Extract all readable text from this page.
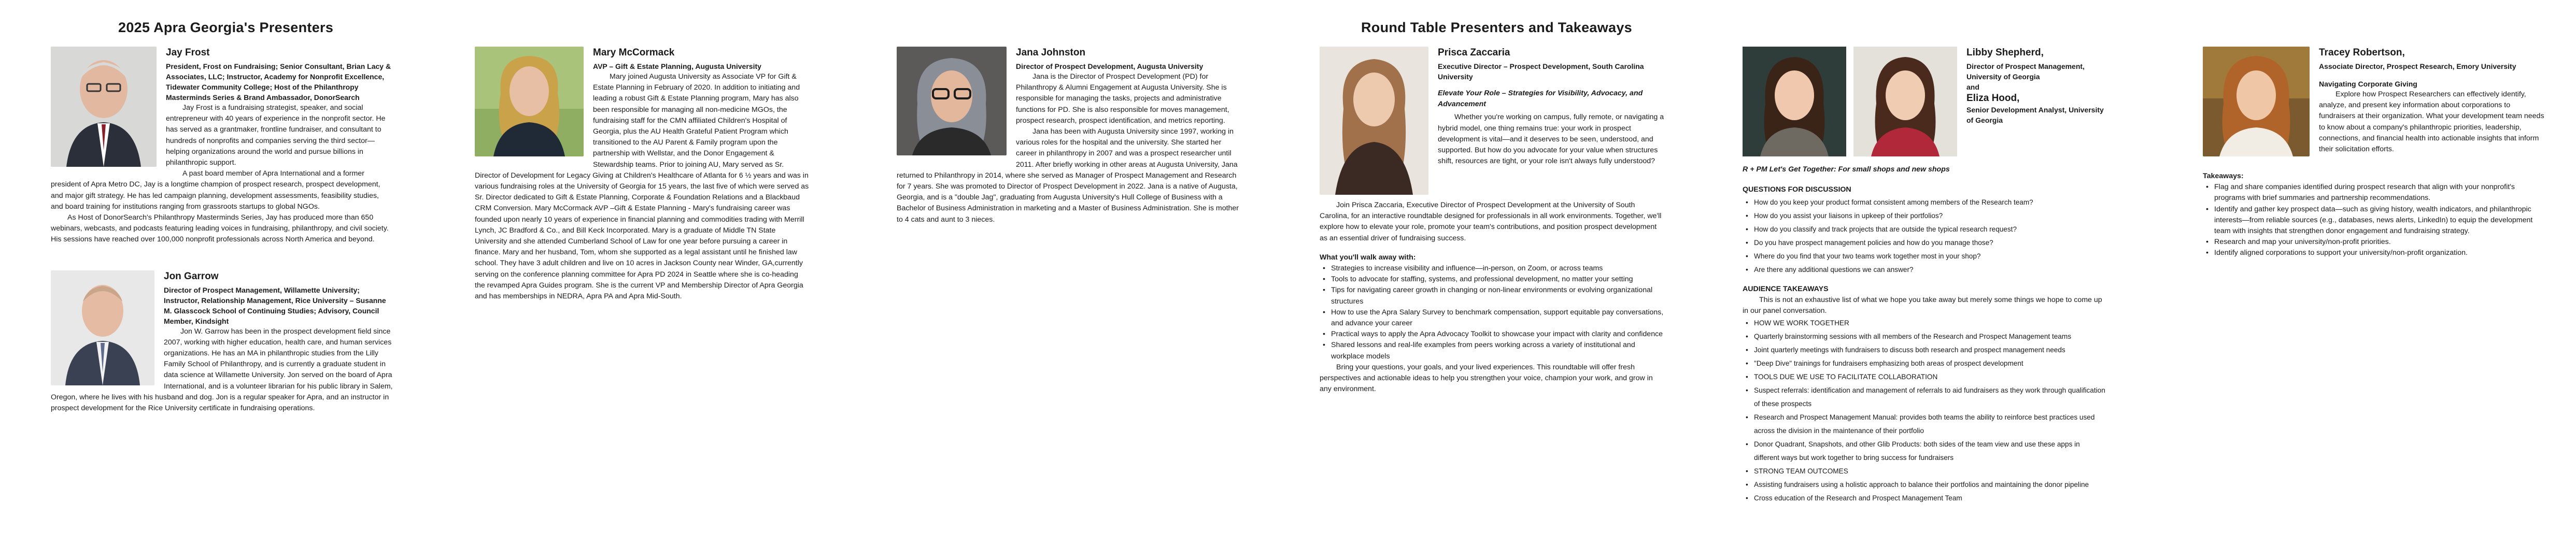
2025 Apra Georgia's Presenters	Round Table Presenters and Takeaways
Jay Frost
President, Frost on Fundraising; Senior Consultant, Brian Lacy & Associates, LLC; Instructor, Academy for Nonprofit Excellence, Tidewater Community College; Host of the Philanthropy Masterminds Series & Brand Ambassador, DonorSearch

Jay Frost is a fundraising strategist, speaker, and social entrepreneur with 40 years of experience in the nonprofit sector. He has served as a grantmaker, frontline fundraiser, and consultant to hundreds of nonprofits and companies serving the third sector—helping organizations around the world and pursue billions in philanthropic support.

A past board member of Apra International and a former president of Apra Metro DC, Jay is a longtime champion of prospect research, prospect development, and major gift strategy. He has led campaign planning, development assessments, feasibility studies, and board training for institutions ranging from grassroots startups to global NGOs.

As Host of DonorSearch's Philanthropy Masterminds Series, Jay has produced more than 650 webinars, webcasts, and podcasts featuring leading voices in fundraising, philanthropy, and civil society. His sessions have reached over 100,000 nonprofit professionals across North America and beyond.

Jon Garrow
Director of Prospect Management, Willamette University; Instructor, Relationship Management, Rice University – Susanne M. Glasscock School of Continuing Studies; Advisory, Council Member, Kindsight

Jon W. Garrow has been in the prospect development field since 2007, working with higher education, health care, and human services organizations. He has an MA in philanthropic studies from the Lilly Family School of Philanthropy, and is currently a graduate student in data science at Willamette University. Jon served on the board of Apra International, and is a volunteer librarian for his public library in Salem, Oregon, where he lives with his husband and dog. Jon is a regular speaker for Apra, and an instructor in prospect development for the Rice University certificate in fundraising operations.

Mary McCormack
AVP – Gift & Estate Planning, Augusta University

Mary joined Augusta University as Associate VP for Gift & Estate Planning in February of 2020. In addition to initiating and leading a robust Gift & Estate Planning program, Mary has also been responsible for managing all non-medicine MGOs, the fundraising staff for the CMN affiliated Children's Hospital of Georgia, plus the AU Health Grateful Patient Program which transitioned to the AU Parent & Family program upon the partnership with Wellstar, and the Donor Engagement & Stewardship teams. Prior to joining AU, Mary served as Sr. Director of Development for Legacy Giving at Children's Healthcare of Atlanta for 6 ½ years and was in various fundraising roles at the University of Georgia for 15 years, the last five of which were served as Sr. Director dedicated to Gift & Estate Planning, Corporate & Foundation Relations and a Blackbaud CRM Conversion. Mary McCormack AVP –Gift & Estate Planning - Mary's fundraising career was founded upon nearly 10 years of experience in financial planning and commodities trading with Merrill Lynch, JC Bradford & Co., and Bill Keck Incorporated. Mary is a graduate of Middle TN State University and she attended Cumberland School of Law for one year before pursuing a career in finance. Mary and her husband, Tom, whom she supported as a legal assistant until he finished law school. They have 3 adult children and live on 10 acres in Jackson County near Winder, GA,currently serving on the conference planning committee for Apra PD 2024 in Seattle where she is co-heading the revamped Apra Guides program. She is the current VP and Membership Director of Apra Georgia and has memberships in NEDRA, Apra PA and Apra Mid-South.

Jana Johnston
Director of Prospect Development, Augusta University

Jana is the Director of Prospect Development (PD) for Philanthropy & Alumni Engagement at Augusta University. She is responsible for managing the tasks, projects and administrative functions for PD. She is also responsible for moves management, prospect research, prospect identification, and metrics reporting.

Jana has been with Augusta University since 1997, working in various roles for the hospital and the university. She started her career in philanthropy in 2007 and was a prospect researcher until 2011. After briefly working in other areas at Augusta University, Jana returned to Philanthropy in 2014, where she served as Manager of Prospect Management and Research for 7 years. She was promoted to Director of Prospect Development in 2022. Jana is a native of Augusta, Georgia, and is a "double Jag", graduating from Augusta University's Hull College of Business with a Bachelor of Business Administration in marketing and a Master of Business Administration. She is mother to 4 cats and aunt to 3 nieces.

Prisca Zaccaria
Executive Director – Prospect Development, South Carolina University
Elevate Your Role – Strategies for Visibility, Advocacy, and Advancement

Whether you're working on campus, fully remote, or navigating a hybrid model, one thing remains true: your work in prospect development is vital—and it deserves to be seen, understood, and supported. But how do you advocate for your value when structures shift, resources are tight, or your role isn't always fully understood?

Join Prisca Zaccaria, Executive Director of Prospect Development at the University of South Carolina, for an interactive roundtable designed for professionals in all work environments. Together, we'll explore how to elevate your role, promote your team's contributions, and position prospect development as an essential driver of fundraising success.

What you'll walk away with:
• Strategies to increase visibility and influence—in-person, on Zoom, or across teams
• Tools to advocate for staffing, systems, and professional development, no matter your setting
• Tips for navigating career growth in changing or non-linear environments or evolving organizational structures
• How to use the Apra Salary Survey to benchmark compensation, support equitable pay conversations, and advance your career
• Practical ways to apply the Apra Advocacy Toolkit to showcase your impact with clarity and confidence
• Shared lessons and real-life examples from peers working across a variety of institutional and workplace models

Bring your questions, your goals, and your lived experiences. This roundtable will offer fresh perspectives and actionable ideas to help you strengthen your voice, champion your work, and grow in any environment.

Libby Shepherd,
Director of Prospect Management, University of Georgia
and
Eliza Hood,
Senior Development Analyst, University of Georgia
R + PM Let's Get Together: For small shops and new shops
QUESTIONS FOR DISCUSSION
• How do you keep your product format consistent among members of the Research team?
• How do you assist your liaisons in upkeep of their portfolios?
• How do you classify and track projects that are outside the typical research request?
• Do you have prospect management policies and how do you manage those?
• Where do you find that your two teams work together most in your shop?
• Are there any additional questions we can answer?
AUDIENCE TAKEAWAYS

This is not an exhaustive list of what we hope you take away but merely some things we hope to come up in our panel conversation.

• HOW WE WORK TOGETHER
• Quarterly brainstorming sessions with all members of the Research and Prospect Management teams
• Joint quarterly meetings with fundraisers to discuss both research and prospect management needs
• "Deep Dive" trainings for fundraisers emphasizing both areas of prospect development
• TOOLS DUE WE USE TO FACILITATE COLLABORATION
• Suspect referrals: identification and management of referrals to aid fundraisers as they work through qualification of these prospects
• Research and Prospect Management Manual: provides both teams the ability to reinforce best practices used across the division in the maintenance of their portfolio
• Donor Quadrant, Snapshots, and other Glib Products: both sides of the team view and use these apps in different ways but work together to bring success for fundraisers
• STRONG TEAM OUTCOMES
• Assisting fundraisers using a holistic approach to balance their portfolios and maintaining the donor pipeline
• Cross education of the Research and Prospect Management Team
Tracey Robertson,
Associate Director, Prospect Research, Emory University
Navigating Corporate Giving

Explore how Prospect Researchers can effectively identify, analyze, and present key information about corporations to fundraisers at their organization. What your development team needs to know about a company's philanthropic priorities, leadership, connections, and financial health into actionable insights that inform their solicitation efforts.

Takeaways:
• Flag and share companies identified during prospect research that align with your nonprofit's programs with brief summaries and partnership recommendations.
• Identify and gather key prospect data—such as giving history, wealth indicators, and philanthropic interests—from reliable sources (e.g., databases, news alerts, LinkedIn) to equip the development team with insights that strengthen donor engagement and fundraising strategy.
• Research and map your university/non-profit priorities.
• Identify aligned corporations to support your university/non-profit organization.
